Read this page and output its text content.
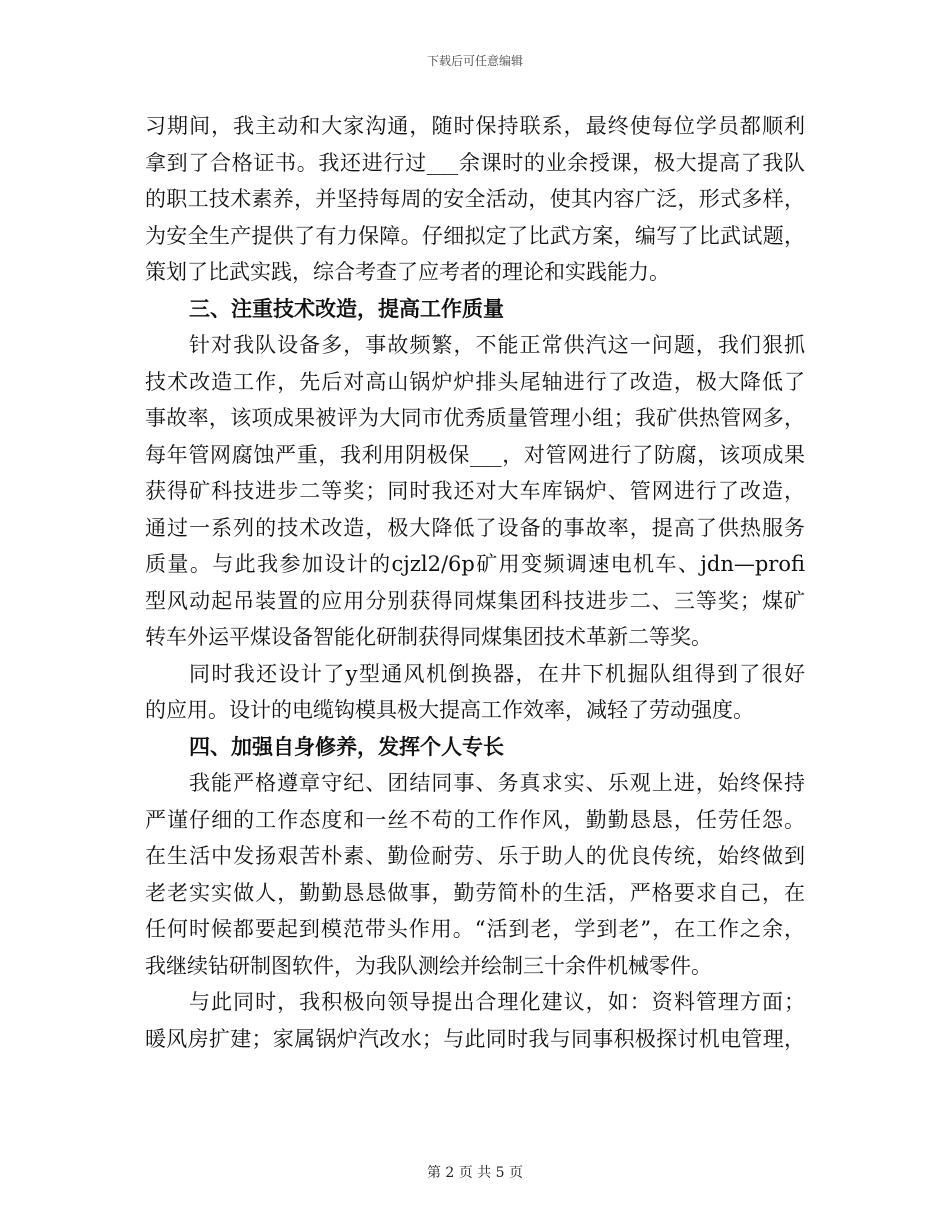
下载后可任意编辑
习期间，我主动和大家沟通，随时保持联系，最终使每位学员都顺利
拿到了合格证书。我还进行过___余课时的业余授课，极大提高了我队
的职工技术素养，并坚持每周的安全活动，使其内容广泛，形式多样，
为安全生产提供了有力保障。仔细拟定了比武方案，编写了比武试题，
策划了比武实践，综合考查了应考者的理论和实践能力。
三、注重技术改造，提高工作质量
针对我队设备多，事故频繁，不能正常供汽这一问题，我们狠抓
技术改造工作，先后对高山锅炉炉排头尾轴进行了改造，极大降低了
事故率，该项成果被评为大同市优秀质量管理小组；我矿供热管网多，
每年管网腐蚀严重，我利用阴极保___，对管网进行了防腐，该项成果
获得矿科技进步二等奖；同时我还对大车库锅炉、管网进行了改造，
通过一系列的技术改造，极大降低了设备的事故率，提高了供热服务
质量。与此我参加设计的cjzl2/6p矿用变频调速电机车、jdn—profi
型风动起吊装置的应用分别获得同煤集团科技进步二、三等奖；煤矿
转车外运平煤设备智能化研制获得同煤集团技术革新二等奖。
同时我还设计了y型通风机倒换器，在井下机掘队组得到了很好
的应用。设计的电缆钩模具极大提高工作效率，减轻了劳动强度。
四、加强自身修养，发挥个人专长
我能严格遵章守纪、团结同事、务真求实、乐观上进，始终保持
严谨仔细的工作态度和一丝不苟的工作作风，勤勤恳恳，任劳任怨。
在生活中发扬艰苦朴素、勤俭耐劳、乐于助人的优良传统，始终做到
老老实实做人，勤勤恳恳做事，勤劳简朴的生活，严格要求自己，在
任何时候都要起到模范带头作用。“活到老，学到老”，在工作之余，
我继续钻研制图软件，为我队测绘并绘制三十余件机械零件。
与此同时，我积极向领导提出合理化建议，如：资料管理方面；
暖风房扩建；家属锅炉汽改水；与此同时我与同事积极探讨机电管理，
第 2 页 共 5 页
